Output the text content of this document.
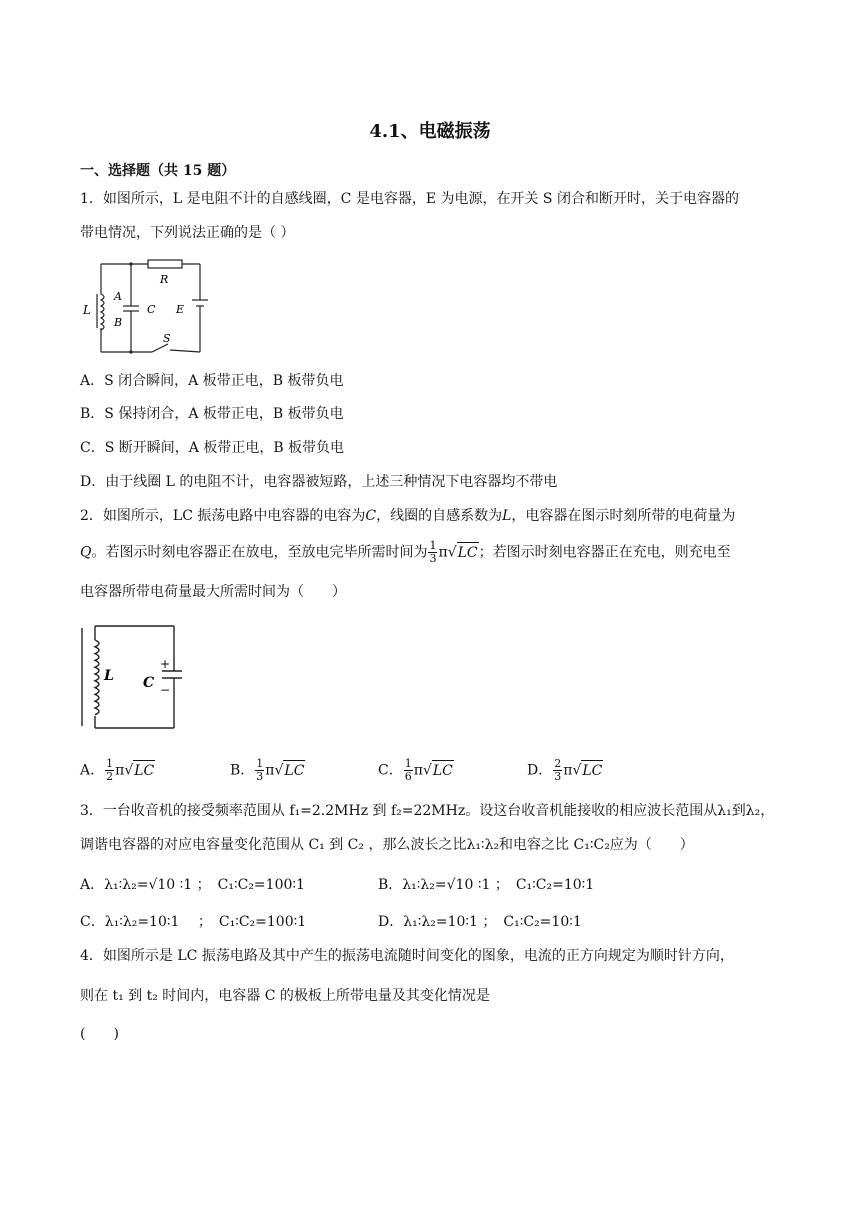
4.1、电磁振荡
一、选择题（共 15 题）
1．如图所示，L 是电阻不计的自感线圈，C 是电容器，E 为电源，在开关 S 闭合和断开时，关于电容器的
带电情况，下列说法正确的是（ ）
L
A
B
C
R
E
S
A．S 闭合瞬间，A 板带正电，B 板带负电
B．S 保持闭合，A 板带正电，B 板带负电
C．S 断开瞬间，A 板带正电，B 板带负电
D．由于线圈 L 的电阻不计，电容器被短路，上述三种情况下电容器均不带电
2．如图所示，LC 振荡电路中电容器的电容为C，线圈的自感系数为L，电容器在图示时刻所带的电荷量为
Q。若图示时刻电容器正在放电，至放电完毕所需时间为 $\frac{1}{3} \pi√LC$；若图示时刻电容器正在充电，则充电至
电容器所带电荷量最大所需时间为（　　）
L C
+
−
A． $\frac{1}{2} \pi√LC$	B． $\frac{1}{3} \pi√LC$	C． $\frac{1}{6} \pi√LC$	D． $\frac{2}{3} \pi√LC$
3．一台收音机的接受频率范围从 f₁=2.2MHz 到 f₂=22MHz。设这台收音机能接收的相应波长范围从λ₁到λ₂，
调谐电容器的对应电容量变化范围从 C₁ 到 C₂ ，那么波长之比λ₁∶λ₂和电容之比 C₁∶C₂应为（　　）
A．λ₁∶λ₂=√10 ∶1 ；　C₁∶C₂=100∶1	B．λ₁∶λ₂=√10 ∶1 ；　C₁∶C₂=10∶1
C．λ₁∶λ₂=10∶1　 ；　C₁∶C₂=100∶1	D．λ₁∶λ₂=10∶1 ；　C₁∶C₂=10∶1
4．如图所示是 LC 振荡电路及其中产生的振荡电流随时间变化的图象，电流的正方向规定为顺时针方向，
则在 t₁ 到 t₂ 时间内，电容器 C 的极板上所带电量及其变化情况是
(　　)
